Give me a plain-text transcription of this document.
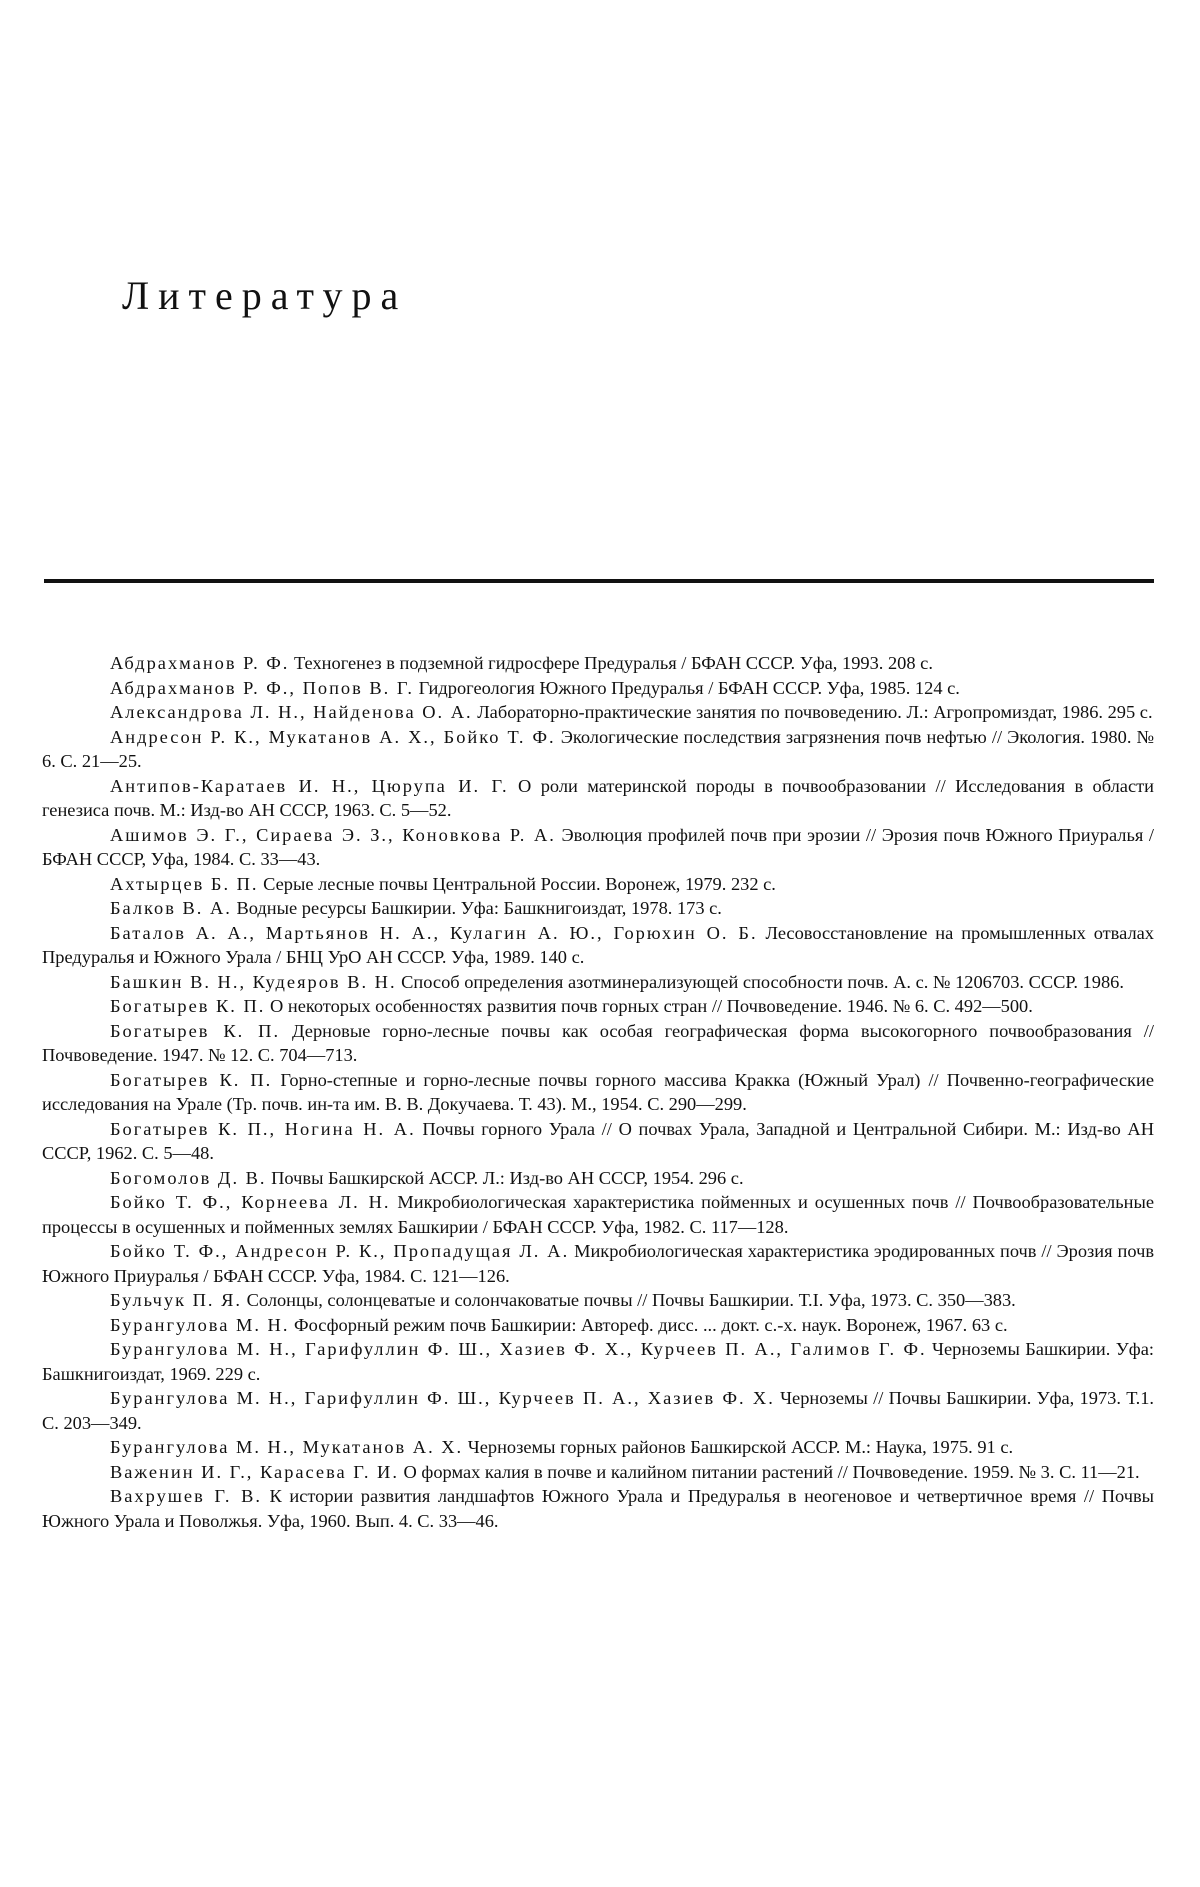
Литература
Абдрахманов Р. Ф. Техногенез в подземной гидросфере Предуралья / БФАН СССР. Уфа, 1993. 208 с.
Абдрахманов Р. Ф., Попов В. Г. Гидрогеология Южного Предуралья / БФАН СССР. Уфа, 1985. 124 с.
Александрова Л. Н., Найденова О. А. Лабораторно-практические занятия по почвоведению. Л.: Агропромиздат, 1986. 295 с.
Андресон Р. К., Мукатанов А. Х., Бойко Т. Ф. Экологические последствия загрязнения почв нефтью // Экология. 1980. № 6. С. 21—25.
Антипов-Каратаев И. Н., Цюрупа И. Г. О роли материнской породы в почвообразовании // Исследования в области генезиса почв. М.: Изд-во АН СССР, 1963. С. 5—52.
Ашимов Э. Г., Сираева Э. З., Коновкова Р. А. Эволюция профилей почв при эрозии // Эрозия почв Южного Приуралья / БФАН СССР, Уфа, 1984. С. 33—43.
Ахтырцев Б. П. Серые лесные почвы Центральной России. Воронеж, 1979. 232 с.
Балков В. А. Водные ресурсы Башкирии. Уфа: Башкнигоиздат, 1978. 173 с.
Баталов А. А., Мартьянов Н. А., Кулагин А. Ю., Горюхин О. Б. Лесовосстановление на промышленных отвалах Предуралья и Южного Урала / БНЦ УрО АН СССР. Уфа, 1989. 140 с.
Башкин В. Н., Кудеяров В. Н. Способ определения азотминерализующей способности почв. А. с. № 1206703. СССР. 1986.
Богатырев К. П. О некоторых особенностях развития почв горных стран // Почвоведение. 1946. № 6. С. 492—500.
Богатырев К. П. Дерновые горно-лесные почвы как особая географическая форма высокогорного почвообразования // Почвоведение. 1947. № 12. С. 704—713.
Богатырев К. П. Горно-степные и горно-лесные почвы горного массива Кракка (Южный Урал) // Почвенно-географические исследования на Урале (Тр. почв. ин-та им. В. В. Докучаева. Т. 43). М., 1954. С. 290—299.
Богатырев К. П., Ногина Н. А. Почвы горного Урала // О почвах Урала, Западной и Центральной Сибири. М.: Изд-во АН СССР, 1962. С. 5—48.
Богомолов Д. В. Почвы Башкирской АССР. Л.: Изд-во АН СССР, 1954. 296 с.
Бойко Т. Ф., Корнеева Л. Н. Микробиологическая характеристика пойменных и осушенных почв // Почвообразовательные процессы в осушенных и пойменных землях Башкирии / БФАН СССР. Уфа, 1982. С. 117—128.
Бойко Т. Ф., Андресон Р. К., Пропадущая Л. А. Микробиологическая характеристика эродированных почв // Эрозия почв Южного Приуралья / БФАН СССР. Уфа, 1984. С. 121—126.
Бульчук П. Я. Солонцы, солонцеватые и солончаковатые почвы // Почвы Башкирии. Т.I. Уфа, 1973. С. 350—383.
Бурангулова М. Н. Фосфорный режим почв Башкирии: Автореф. дисс. ... докт. с.-х. наук. Воронеж, 1967. 63 с.
Бурангулова М. Н., Гарифуллин Ф. Ш., Хазиев Ф. Х., Курчеев П. А., Галимов Г. Ф. Черноземы Башкирии. Уфа: Башкнигоиздат, 1969. 229 с.
Бурангулова М. Н., Гарифуллин Ф. Ш., Курчеев П. А., Хазиев Ф. Х. Черноземы // Почвы Башкирии. Уфа, 1973. Т.1. С. 203—349.
Бурангулова М. Н., Мукатанов А. Х. Черноземы горных районов Башкирской АССР. М.: Наука, 1975. 91 с.
Важенин И. Г., Карасева Г. И. О формах калия в почве и калийном питании растений // Почвоведение. 1959. № 3. С. 11—21.
Вахрушев Г. В. К истории развития ландшафтов Южного Урала и Предуралья в неогеновое и четвертичное время // Почвы Южного Урала и Поволжья. Уфа, 1960. Вып. 4. С. 33—46.
